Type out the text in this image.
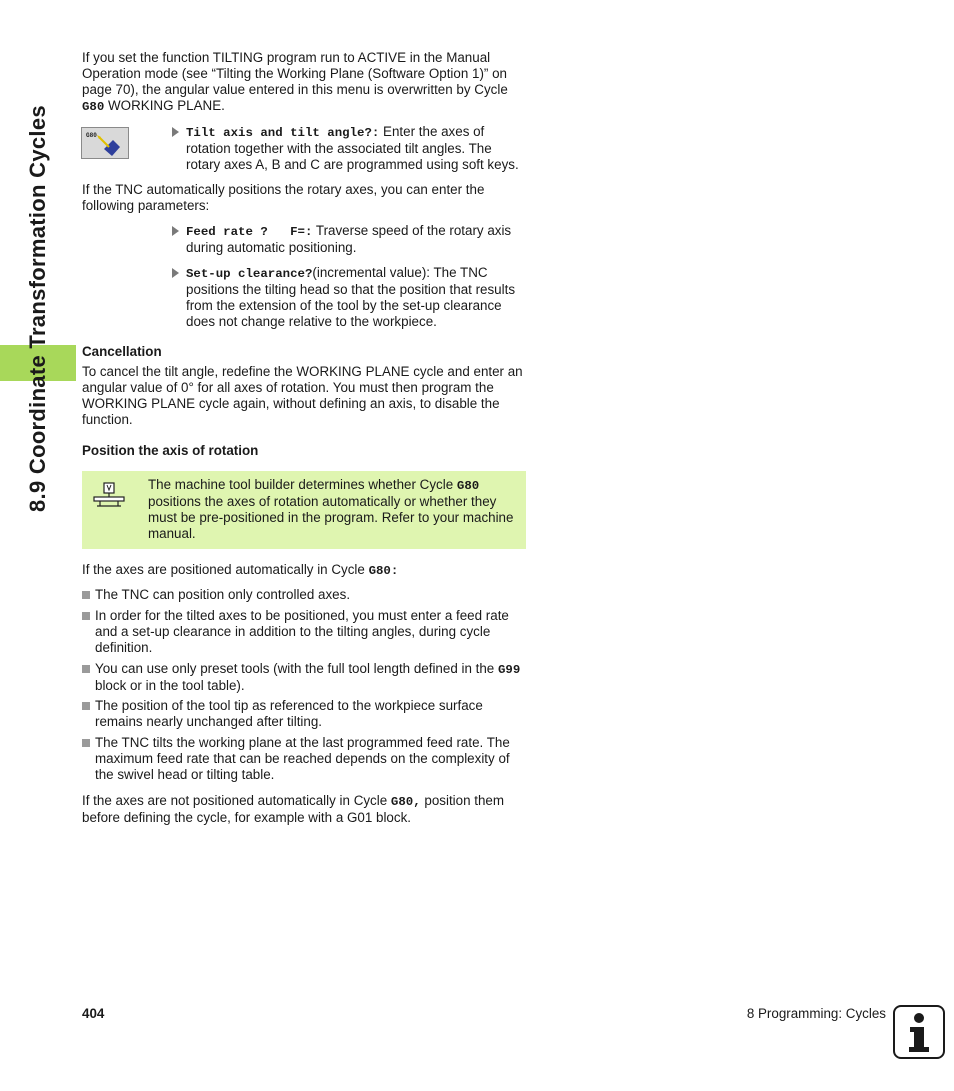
8.9 Coordinate Transformation Cycles

If you set the function TILTING program run to ACTIVE in the Manual Operation mode (see “Tilting the Working Plane (Software Option 1)” on page 70), the angular value entered in this menu is overwritten by Cycle G80 WORKING PLANE.

G80	Tilt axis and tilt angle?: Enter the axes of rotation together with the associated tilt angles. The rotary axes A, B and C are programmed using soft keys.

If the TNC automatically positions the rotary axes, you can enter the following parameters:

Feed rate ?   F=: Traverse speed of the rotary axis during automatic positioning.

Set-up clearance?(incremental value): The TNC positions the tilting head so that the position that results from the extension of the tool by the set-up clearance does not change relative to the workpiece.

Cancellation

To cancel the tilt angle, redefine the WORKING PLANE cycle and enter an angular value of 0° for all axes of rotation. You must then program the WORKING PLANE cycle again, without defining an axis, to disable the function.

Position the axis of rotation

The machine tool builder determines whether Cycle G80 positions the axes of rotation automatically or whether they must be pre-positioned in the program. Refer to your machine manual.

If the axes are positioned automatically in Cycle G80:

The TNC can position only controlled axes.

In order for the tilted axes to be positioned, you must enter a feed rate and a set-up clearance in addition to the tilting angles, during cycle definition.

You can use only preset tools (with the full tool length defined in the G99 block or in the tool table).

The position of the tool tip as referenced to the workpiece surface remains nearly unchanged after tilting.

The TNC tilts the working plane at the last programmed feed rate. The maximum feed rate that can be reached depends on the complexity of the swivel head or tilting table.

If the axes are not positioned automatically in Cycle G80, position them before defining the cycle, for example with a G01 block.

404	8 Programming: Cycles
